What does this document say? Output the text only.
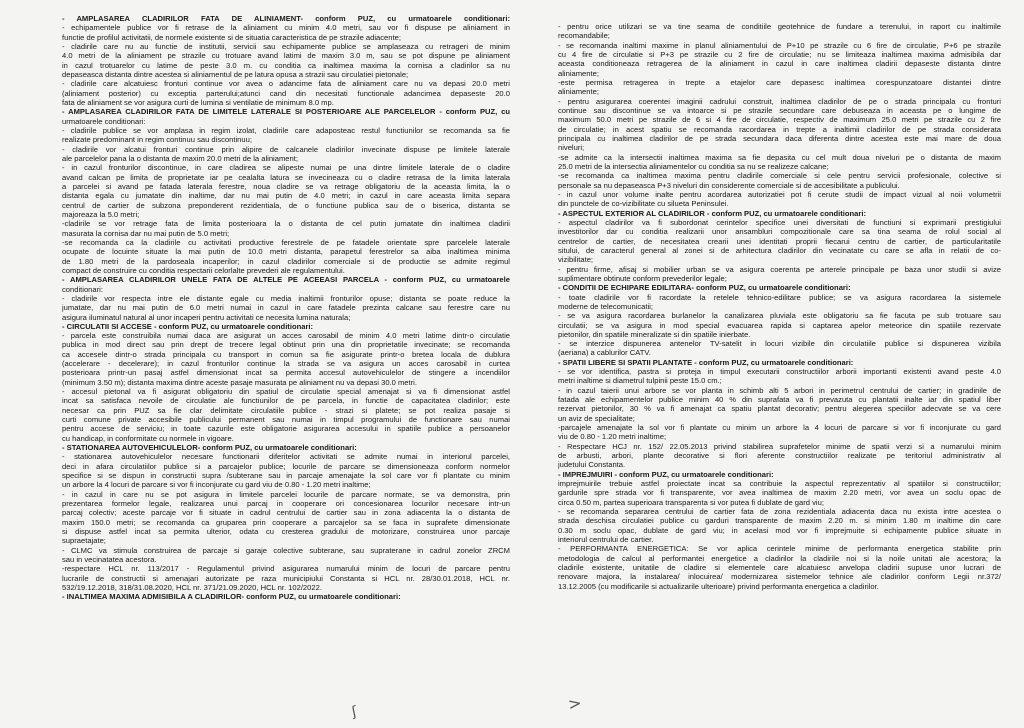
- AMPLASAREA CLADIRILOR FATA DE ALINIAMENT- conform PUZ, cu urmatoarele conditionari:
- echipamentele publice vor fi retrase de la aliniament cu minim 4.0 metri, sau vor fi dispuse pe aliniament in
functie de profilul activitatii, de normele existente si de situatia caracteristica de pe strazile adiacente;
- cladirile care nu au functie de institutii, servicii sau echipamente publice se amplaseaza cu retrageri de minim
4.0 metri de la aliniament pe strazile cu trotuare avand latimi de maxim 3.0 m, sau se pot dispune pe aliniament
in cazul trotuarelor cu latime de peste 3.0 m. cu conditia ca inaltimea maxima la cornisa a cladirilor sa nu
depaseasca distanta dintre acestea si aliniamentul de pe latura opusa a strazii sau circulatiei pietonale;
- cladirile care alcatuiesc fronturi continue vor avea o adancime fata de aliniament care nu va depasi 20.0 metri
(aliniament posterior) cu exceptia parterului;atunci cand din necesitati functionale adancimea depaseste 20.0
fata de aliniament se vor asigura curti de lumina si ventilatie de minimum 8.0 mp.
- AMPLASAREA CLADIRILOR FATA DE LIMITELE LATERALE SI POSTERIOARE ALE PARCELELOR - conform PUZ, cu
urmatoarele conditionari:
- cladirile publice se vor amplasa in regim izolat, cladirile care adaposteac restul functiunilor se recomanda sa fie
realizate predominant in regim continuu sau discontinuu;
- cladirile vor alcatui fronturi continue prin alipire de calcanele cladirilor invecinate dispuse pe limitele laterale
ale parcelelor pana la o distanta de maxim 20.0 metri de la aliniament;
- in cazul fronturilor discontinue, in care cladirea se alipeste numai pe una dintre limitele laterale de o cladire
avand calcan pe limita de proprietate iar pe cealalta latura se invecineaza cu o cladire retrasa de la limita laterala
a parcelei si avand pe fatada laterala ferestre, noua cladire se va retrage obligatoriu de la aceasta limita, la o
distanta egala cu jumatate din inaltime, dar nu mai putin de 4.0 metri; in cazul in care aceasta limita separa
centrul de cartier de subzona preponderent rezidentiala, de o functiune publica sau de o biserica, distanta se
majoreaza la 5.0 metri;
-cladirile se vor retrage fata de limita posterioara la o distanta de cel putin jumatate din inaltimea cladirii
masurata la cornisa dar nu mai putin de 5.0 metri;
-se recomanda ca la cladirile cu activitati productive ferestrele de pe fatadele orientate spre parcelele laterale
ocupate de locuinte situate la mai putin de 10.0 metri distanta, parapetul ferestrelor sa aiba inaltimea minima
de 1.80 metri de la pardoseala incaperilor; in cazul cladirilor comerciale si de productie se admite regimul
compact de construire cu conditia respectarii celorlalte prevederi ale regulamentului.
- AMPLASAREA CLADIRILOR UNELE FATA DE ALTELE PE ACEEASI PARCELA - conform PUZ, cu urmatoarele
conditionari:
- cladirile vor respecta intre ele distante egale cu media inaltimii fronturilor opuse; distanta se poate reduce la
jumatate, dar nu mai putin de 6.0 metri numai in cazul in care fatadele prezinta calcane sau ferestre care nu
asigura iluminatul natural al unor incaperi pentru activitati ce necesita lumina naturala;
- CIRCULATII SI ACCESE - conform PUZ, cu urmatoarele conditionari:
- parcela este construibila numai daca are asigurat un acces carosabil de minim 4.0 metri latime dintr-o circulatie
publica in mod direct sau prin drept de trecere legal obtinut prin una din proprietatile invecinate; se recomanda
ca accesele dintr-o strada principala cu transport in comun sa fie asigurate printr-o bretea locala de dublura
(accelerare - decelerare); in cazul fronturilor continue la strada se va asigura un acces carosabil in curtea
posterioara printr-un pasaj astfel dimensionat incat sa permita accesul autovehiculelor de stingere a incendiilor
(minimum 3.50 m); distanta maxima dintre aceste pasaje masurata pe aliniament nu va depasi 30.0 metri.
- accesul pietonal va fi asigurat obligatoriu din spatiul de circulatie special amenajat si va fi dimensionat astfel
incat sa satisfaca nevoile de circulatie ale functiunilor de pe parcela, in functie de capacitatea cladirilor; este
necesar ca prin PUZ sa fie clar delimitate circulatiile publice - strazi si platete; se pot realiza pasaje si
curti comune private accesibile publicului permanent sau numai in timpul programului de functionare sau numai
pentru accese de serviciu; in toate cazurile este obligatorie asigurarea accesului in spatiile publice a persoanelor
cu handicap, in conformitate cu normele in vigoare.
- STATIONAREA AUTOVEHICULELOR- conform PUZ, cu urmatoarele conditionari:
- stationarea autovehiculelor necesare functionarii diferitelor activitati se admite numai in interiorul parcelei,
deci in afara circulatiilor publice si a parcajelor publice; locurile de parcare se dimensioneaza conform normelor
specifice si se dispun in constructii supra /subterane sau in parcaje amenajate la sol care vor fi plantate cu minim
un arbore la 4 locuri de parcare si vor fi inconjurate cu gard viu de 0.80 - 1.20 metri inaltime;
- in cazul in care nu se pot asigura in limitele parcelei locurile de parcare normate, se va demonstra, prin
prezentarea formelor legale, realizarea unui parcaj in cooperare ori concesionarea locurilor necesare intr-un
parcaj colectiv; aceste parcaje vor fi situate in cadrul centrului de cartier sau in zona adiacenta la o distanta de
maxim 150.0 metri; se recomanda ca gruparea prin cooperare a parcajelor sa se faca in suprafete dimensionate
si dispuse astfel incat sa permita ulterior, odata cu cresterea gradului de motorizare, construirea unor parcaje
supraetajate;
- CLMC va stimula construirea de parcaje si garaje colective subterane, sau supraterane in cadrul zonelor ZRCM
sau in vecinatatea acestora.
-respectare HCL nr. 113/2017 - Regulamentul privind asigurarea numarului minim de locuri de parcare pentru
lucrarile de constructii si amenajari autorizate pe raza municipiului Constanta si HCL nr. 28/30.01.2018, HCL nr.
532/19.12.2018, 318/31.08.2020, HCL nr. 371/21.09.2020, HCL nr. 102/2022.
- INALTIMEA MAXIMA ADMISIBILA A CLADIRILOR- conform PUZ, cu urmatoarele conditionari:
- pentru orice utilizari se va tine seama de conditiile geotehnice de fundare a terenului, in raport cu inaltimile
recomandabile;
- se recomanda inaltimi maxime in planul aliniamentului de P+10 pe strazile cu 6 fire de circulatie, P+6 pe strazile
cu 4 fire de circulatie si P+3 pe strazile cu 2 fire de circulatie; nu se limiteaza inaltimea maxima admisibila dar
aceasta conditioneaza retragerea de la aliniament in cazul in care inaltimea cladirii depaseste distanta dintre
aliniamente;
-este permisa retragerea in trepte a etajelor care depasesc inaltimea corespunzatoare distantei dintre
aliniamente;
- pentru asigurarea coerentei imaginii cadrului construit, inaltimea cladirilor de pe o strada principala cu fronturi
continue sau discontinue se va intoarce si pe strazile secundare care debuseaza in aceasta pe o lungime de
maximum 50.0 metri pe strazile de 6 si 4 fire de circulatie, respectiv de maximum 25.0 metri pe strazile cu 2 fire
de circulatie; in acest spatiu se recomanda racordarea in trepte a inaltimii cladirilor de pe strada considerata
principala cu inaltimea cladirilor de pe strada secundara daca diferenta dintre acestea este mai mare de doua
niveluri;
-se admite ca la intersectii inaltimea maxima sa fie depasita cu cel mult doua niveluri pe o distanta de maxim
25.0 metri de la intersectia aliniamentelor cu conditia sa nu se realizeze calcane;
-se recomanda ca inaltimea maxima pentru cladirile comerciale si cele pentru servicii profesionale, colective si
personale sa nu depaseasca P+3 niveluri din considerente comerciale si de accesibilitate a publicului.
- in cazul unor volume inalte pentru acordarea autorizatiei pot fi cerute studii de impact vizual al noii volumetrii
din punctele de co-vizibilitate cu silueta Peninsulei.
- ASPECTUL EXTERIOR AL CLADIRILOR - conform PUZ, cu urmatoarele conditionari:
- aspectul cladirilor va fi subordonat cerintelor specifice unei diversitati de functiuni si exprimarii prestigiului
investitorilor dar cu conditia realizarii unor ansambluri compozitionale care sa tina seama de rolul social al
centrelor de cartier, de necesitatea crearii unei identitati proprii fiecarui centru de cartier, de particularitatile
sitului, de caracterul general al zonei si de arhitectura cladirilor din vecinatate cu care se afla in relatii de co-
vizibilitate;
- pentru firme, afisaj si mobilier urban se va asigura coerenta pe arterele principale pe baza unor studii si avize
suplimentare obtinute conform prevederilor legale;
- CONDITII DE ECHIPARE EDILITARA- conform PUZ, cu urmatoarele conditionari:
- toate cladirile vor fi racordate la retelele tehnico-edilitare publice; se va asigura racordarea la sistemele
moderne de telecomunicatii;
- se va asigura racordarea burlanelor la canalizarea pluviala este obligatoriu sa fie facuta pe sub trotuare sau
circulatii; se va asigura in mod special evacuarea rapida si captarea apelor meteorice din spatiile rezervate
pietonilor, din spatiile mineralizate si din spatiile inierbate.
- se interzice dispunerea antenelor TV-satelit in locuri vizibile din circulatiile publice si dispunerea vizibila
(aeriana) a cablurilor CATV.
- SPATII LIBERE SI SPATII PLANTATE - conform PUZ, cu urmatoarele conditionari:
- se vor identifica, pastra si proteja in timpul executarii constructiilor arborii importanti existenti avand peste 4.0
metri inaltime si diametrul tulpinii peste 15.0 cm.;
- in cazul taierii unui arbore se vor planta in schimb alti 5 arbori in perimetrul centrului de cartier; in gradinile de
fatada ale echipamentelor publice minim 40 % din suprafata va fi prevazuta cu plantatii inalte iar din spatiul liber
rezervat pietonilor, 30 % va fi amenajat ca spatiu plantat decorativ; pentru alegerea speciilor adecvate se va cere
un aviz de specialitate;
-parcajele amenajate la sol vor fi plantate cu minim un arbore la 4 locuri de parcare si vor fi inconjurate cu gard
viu de 0.80 - 1.20 metri inaltime;
- Respectare HCJ nr. 152/ 22.05.2013 privind stabilirea suprafetelor minime de spatii verzi si a numarului minim
de arbusti, arbori, plante decorative si flori aferente constructiilor realizate pe teritoriul administrativ al
judetului Constanta.
- IMPREJMUIRI - conform PUZ, cu urmatoarele conditionari:
imprejmuirile trebuie astfel proiectate incat sa contribuie la aspectul reprezentativ al spatiilor si constructiilor;
gardurile spre strada vor fi transparente, vor avea inaltimea de maxim 2.20 metri, vor avea un soclu opac de
circa 0.50 m, partea superioara transparenta si vor putea fi dublate de gard viu;
- se recomanda separarea centrului de cartier fata de zona rezidentiala adiacenta daca nu exista intre acestea o
strada deschisa circulatiei publice cu garduri transparente de maxim 2.20 m. si minim 1.80 m inaltime din care
0.30 m soclu opac, dublate de gard viu; in acelasi mod vor fi imprejmuite si echipamente publice situate in
interiorul centrului de cartier.
- PERFORMANTA ENERGETICA: Se vor aplica cerintele minime de performanta energetica stabilite prin
metodologia de calcul al performantei energetice a cladirilor la cladirile noi si la noile unitati ale acestora; la
cladirile existente, unitatile de cladire si elementele care alcatuiesc anvelopa cladirii supuse unor lucrari de
renovare majora, la instalarea/ inlocuirea/ modernizarea sistemelor tehnice ale cladirilor conform Legii nr.372/
13.12.2005 (cu modificarile si actualizarile ulterioare) privind performanta energetica a cladirilor.
ʃ	>
